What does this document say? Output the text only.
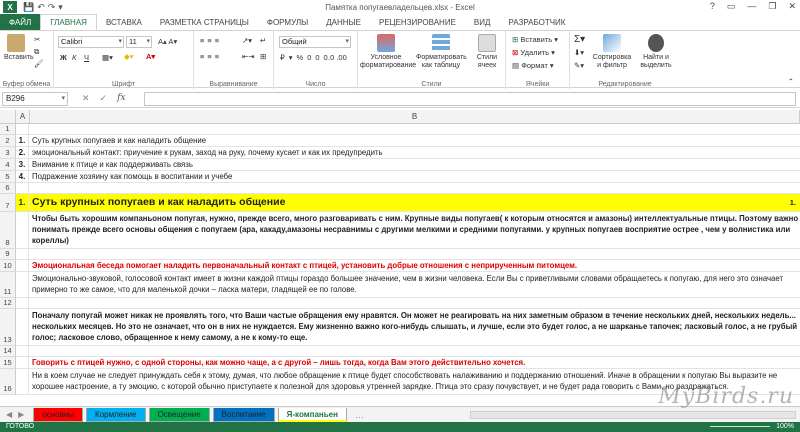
X	💾↶↷▾	Памятка попугаевладельцев.xlsx - Excel	? ▭ — ❐ ✕
ФАЙЛ	ГЛАВНАЯ	ВСТАВКА	РАЗМЕТКА СТРАНИЦЫ	ФОРМУЛЫ	ДАННЫЕ	РЕЦЕНЗИРОВАНИЕ	ВИД	РАЗРАБОТЧИК
Вставить
✂
⧉
🖌
Буфер обмена
Calibri ▾	11 ▾	A▴ A▾
Ж К Ч ▦▾ ◆▾ A▾
Шрифт
≡≡≡
≡≡≡
↗▾
⇤⇥
↵
⊞
Выравнивание
Общий ▾
₽▾%000
.0 .00
Число
Условное форматирование
Форматировать как таблицу
Стили ячеек
Стили
⊞ Вставить ▾
⊠ Удалить ▾
▤ Формат ▾
Ячейки
Σ▾
⬇▾
✎▾
Сортировка и фильтр
Найти и выделить
Редактирование	⌃
B296 ▾	✕ ✓ fx
A	B
1
2	1. Суть крупных попугаев и как наладить общение
3	2. эмоциональный контакт: приучение к рукам, заход на руку, почему кусает и как их предупредить
4	3. Внимание к птице и как поддерживать связь
5	4. Подражение хозяину как помощь в воспитании и учебе
6
7	1. Суть крупных попугаев и как наладить общение	1.
8
Чтобы быть хорошим компаньоном попугая, нужно, прежде всего, много разговаривать с ним. Крупные виды попугаев( к которым относятся и амазоны) интеллектуальные птицы. Поэтому важно понимать прежде всего основы общения с попугаем (ара, какаду,амазоны несравнимы с другими мелкими и средними попугаями. у крупных попугаев восприятие острее , чем у волнистика или кореллы)
9
10	Эмоциональная беседа помогает наладить первоначальный контакт с птицей, установить добрые отношения с неприрученным питомцем.
11
Эмоционально-звуковой, голосовой контакт имеет в жизни каждой птицы гораздо большее значение, чем в жизни человека. Если Вы с приветливыми словами обращаетесь к попугаю, для него это означает примерно то же самое, что для маленькой дочки – ласка матери, гладящей ее по голове.
12
13
Поначалу попугай может никак не проявлять того, что Ваши частые обращения ему нравятся. Он может не реагировать на них заметным образом в течение нескольких дней, нескольких недель... нескольких месяцев. Но это не означает, что он в них не нуждается. Ему жизненно важно кого-нибудь слышать, и лучше, если это будет голос, а не шарканье тапочек; ласковый голос, а не грубый голос; ласковое слово, обращенное к нему самому, а не к кому-то еще.
14
15	Говорить с птицей нужно, с одной стороны, как можно чаще, а с другой – лишь тогда, когда Вам этого действительно хочется.
16
Ни в коем случае не следует принуждать себя к этому, думая, что любое обращение к птице будет способствовать налаживанию и поддержанию отношений. Иначе в обращении к попугаю Вы выразите не хорошее настроение, а ту эмоцию, с которой обычно приступаете к полезной для здоровья утренней зарядке. Птица это сразу почувствует, и не будет рада говорить с Вами, но раздражаться.
◀▶	основны	Кормление	Освещение	Воспитание	Я-компаньен	…
ГОТОВО	100%
MyBirds.ru
